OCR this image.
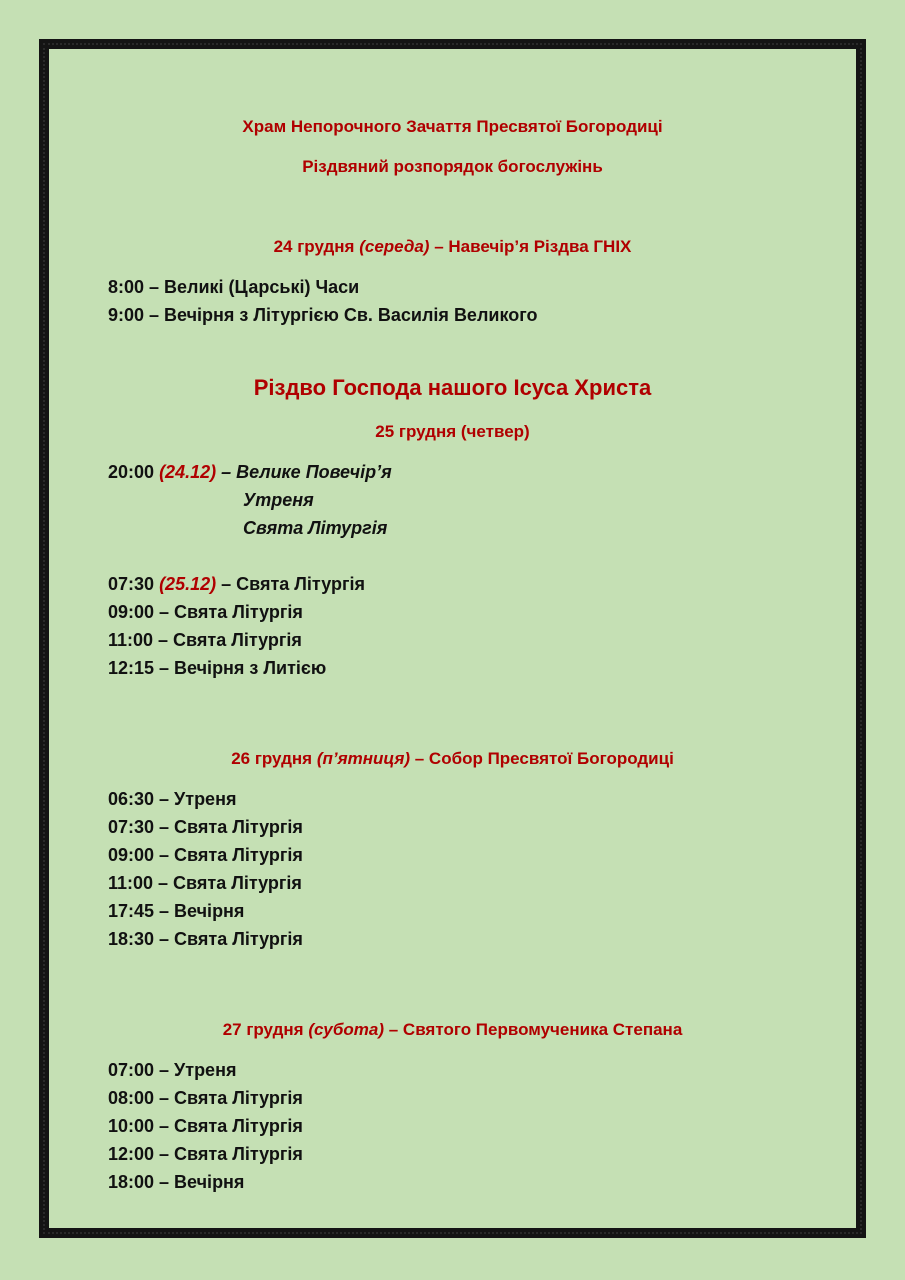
Храм Непорочного Зачаття Пресвятої Богородиці
Різдвяний розпорядок богослужінь
24 грудня (середа) – Навечір’я Різдва ГНІХ
8:00 – Великі (Царські) Часи
9:00 – Вечірня з Літургією Св. Василія Великого
Різдво Господа нашого Ісуса Христа
25 грудня (четвер)
20:00 (24.12) – Велике Повечір’я
Утреня
Свята Літургія
07:30 (25.12) – Свята Літургія
09:00 – Свята Літургія
11:00 – Свята Літургія
12:15 – Вечірня з Литією
26 грудня (п’ятниця) – Собор Пресвятої Богородиці
06:30 – Утреня
07:30 – Свята Літургія
09:00 – Свята Літургія
11:00 – Свята Літургія
17:45 – Вечірня
18:30 – Свята Літургія
27 грудня (субота) – Святого Первомученика Степана
07:00 – Утреня
08:00 – Свята Літургія
10:00 – Свята Літургія
12:00 – Свята Літургія
18:00 – Вечірня
